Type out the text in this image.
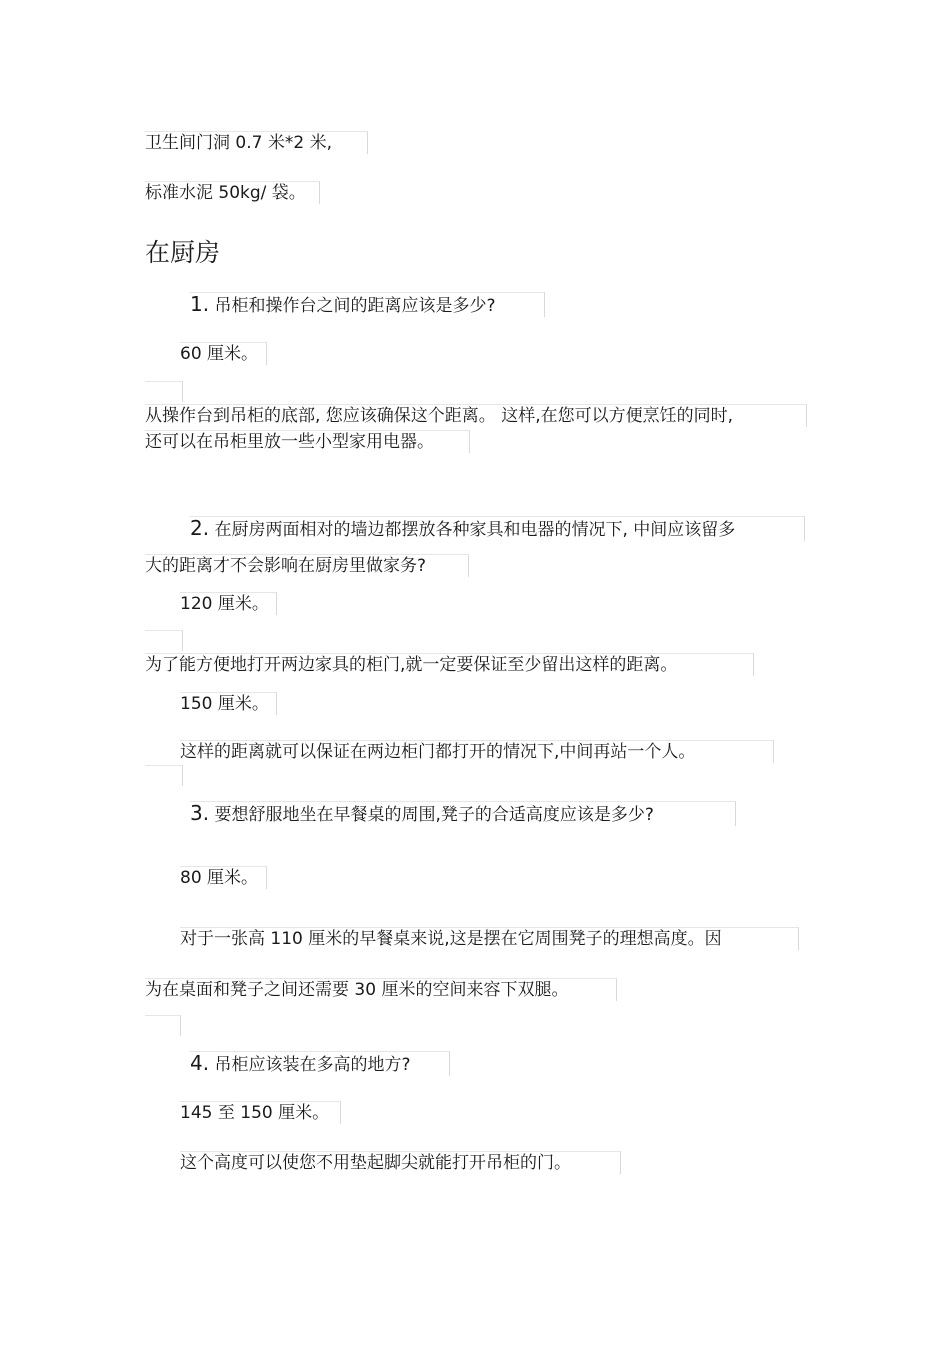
卫生间门洞 0.7 米*2 米,
标准水泥 50kg/ 袋。
在厨房
1. 吊柜和操作台之间的距离应该是多少?
60 厘米。
从操作台到吊柜的底部, 您应该确保这个距离。 这样,在您可以方便烹饪的同时,
还可以在吊柜里放一些小型家用电器。
2. 在厨房两面相对的墙边都摆放各种家具和电器的情况下, 中间应该留多
大的距离才不会影响在厨房里做家务?
120 厘米。
为了能方便地打开两边家具的柜门,就一定要保证至少留出这样的距离。
150 厘米。
这样的距离就可以保证在两边柜门都打开的情况下,中间再站一个人。
3. 要想舒服地坐在早餐桌的周围,凳子的合适高度应该是多少?
80 厘米。
对于一张高 110 厘米的早餐桌来说,这是摆在它周围凳子的理想高度。因
为在桌面和凳子之间还需要 30 厘米的空间来容下双腿。
4. 吊柜应该装在多高的地方?
145 至 150 厘米。
这个高度可以使您不用垫起脚尖就能打开吊柜的门。
